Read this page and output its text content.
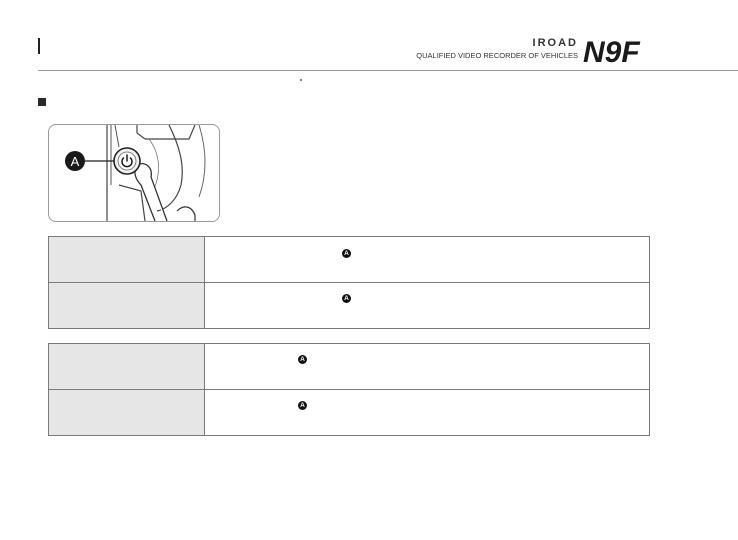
IROAD N9F
QUALIFIED VIDEO RECORDER OF VEHICLES
A

	A

	A

	A

	A
